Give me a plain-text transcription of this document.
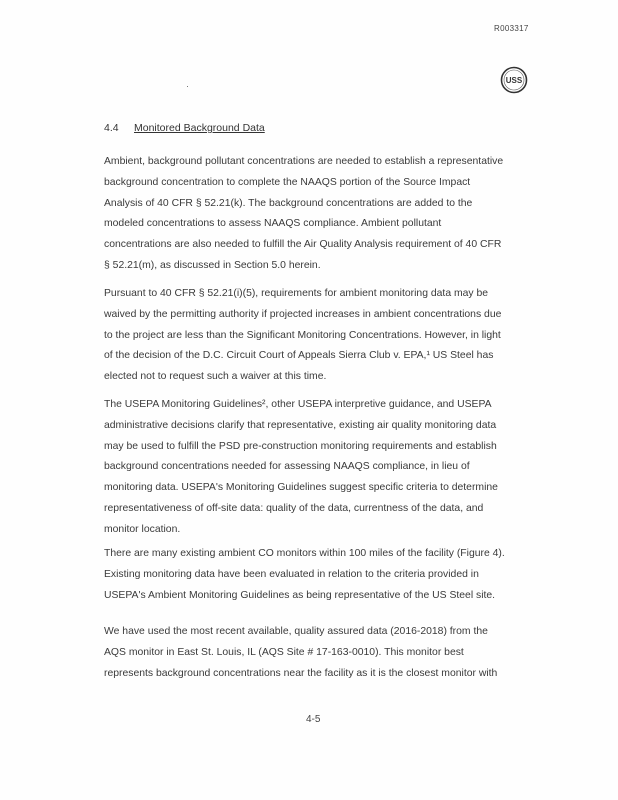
R003317
USS
4.4 Monitored Background Data

Ambient, background pollutant concentrations are needed to establish a representative
background concentration to complete the NAAQS portion of the Source Impact
Analysis of 40 CFR § 52.21(k). The background concentrations are added to the
modeled concentrations to assess NAAQS compliance. Ambient pollutant
concentrations are also needed to fulfill the Air Quality Analysis requirement of 40 CFR
§ 52.21(m), as discussed in Section 5.0 herein.

Pursuant to 40 CFR § 52.21(i)(5), requirements for ambient monitoring data may be
waived by the permitting authority if projected increases in ambient concentrations due
to the project are less than the Significant Monitoring Concentrations. However, in light
of the decision of the D.C. Circuit Court of Appeals Sierra Club v. EPA,¹ US Steel has
elected not to request such a waiver at this time.

The USEPA Monitoring Guidelines², other USEPA interpretive guidance, and USEPA
administrative decisions clarify that representative, existing air quality monitoring data
may be used to fulfill the PSD pre-construction monitoring requirements and establish
background concentrations needed for assessing NAAQS compliance, in lieu of
monitoring data. USEPA's Monitoring Guidelines suggest specific criteria to determine
representativeness of off-site data: quality of the data, currentness of the data, and
monitor location.

There are many existing ambient CO monitors within 100 miles of the facility (Figure 4).
Existing monitoring data have been evaluated in relation to the criteria provided in
USEPA's Ambient Monitoring Guidelines as being representative of the US Steel site.

We have used the most recent available, quality assured data (2016-2018) from the
AQS monitor in East St. Louis, IL (AQS Site # 17-163-0010). This monitor best
represents background concentrations near the facility as it is the closest monitor with

4-5
